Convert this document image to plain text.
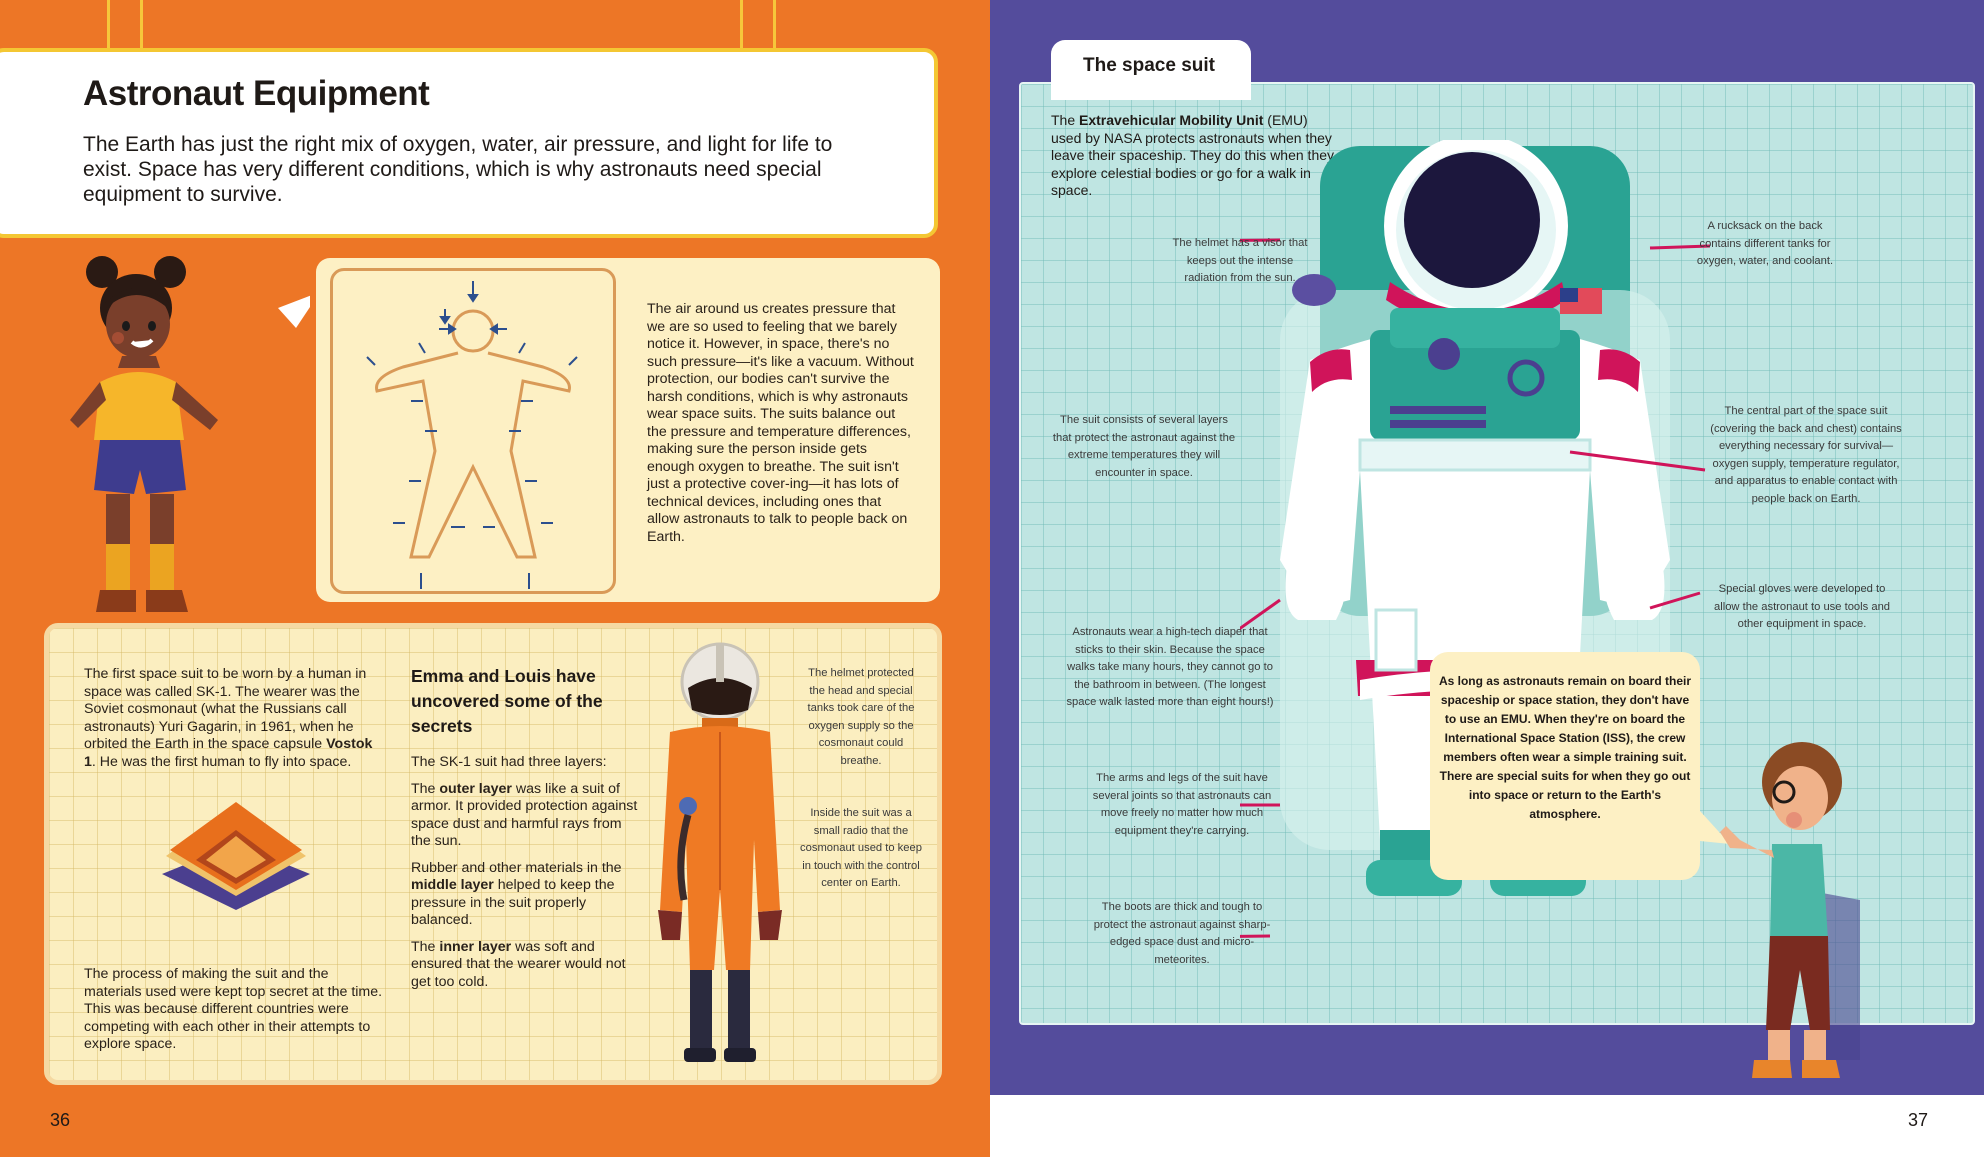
Astronaut Equipment
The Earth has just the right mix of oxygen, water, air pressure, and light for life to exist. Space has very different conditions, which is why astronauts need special equipment to survive.
The air around us creates pressure that we are so used to feeling that we barely notice it. However, in space, there's no such pressure—it's like a vacuum. Without protection, our bodies can't survive the harsh conditions, which is why astronauts wear space suits. The suits balance out the pressure and temperature differences, making sure the person inside gets enough oxygen to breathe. The suit isn't just a protective cover-ing—it has lots of technical devices, including ones that allow astronauts to talk to people back on Earth.
The first space suit to be worn by a human in space was called SK-1. The wearer was the Soviet cosmonaut (what the Russians call astronauts) Yuri Gagarin, in 1961, when he orbited the Earth in the space capsule Vostok 1. He was the first human to fly into space.
The process of making the suit and the materials used were kept top secret at the time. This was because different countries were competing with each other in their attempts to explore space.
Emma and Louis have uncovered some of the secrets

The SK-1 suit had three layers:

The outer layer was like a suit of armor. It provided protection against space dust and harmful rays from the sun.

Rubber and other materials in the middle layer helped to keep the pressure in the suit properly balanced.

The inner layer was soft and ensured that the wearer would not get too cold.

The helmet protected the head and special tanks took care of the oxygen supply so the cosmonaut could breathe.
Inside the suit was a small radio that the cosmonaut used to keep in touch with the control center on Earth.
36
The space suit
The Extravehicular Mobility Unit (EMU) used by NASA protects astronauts when they leave their spaceship. They do this when they explore celestial bodies or go for a walk in space.
The helmet has a visor that keeps out the intense radiation from the sun.
The suit consists of several layers that protect the astronaut against the extreme temperatures they will encounter in space.
Astronauts wear a high-tech diaper that sticks to their skin. Because the space walks take many hours, they cannot go to the bathroom in between. (The longest space walk lasted more than eight hours!)
The arms and legs of the suit have several joints so that astronauts can move freely no matter how much equipment they're carrying.
The boots are thick and tough to protect the astronaut against sharp-edged space dust and micro-meteorites.
A rucksack on the back contains different tanks for oxygen, water, and coolant.
The central part of the space suit (covering the back and chest) contains everything necessary for survival—oxygen supply, temperature regulator, and apparatus to enable contact with people back on Earth.
Special gloves were developed to allow the astronaut to use tools and other equipment in space.
As long as astronauts remain on board their spaceship or space station, they don't have to use an EMU. When they're on board the International Space Station (ISS), the crew members often wear a simple training suit. There are special suits for when they go out into space or return to the Earth's atmosphere.
37
